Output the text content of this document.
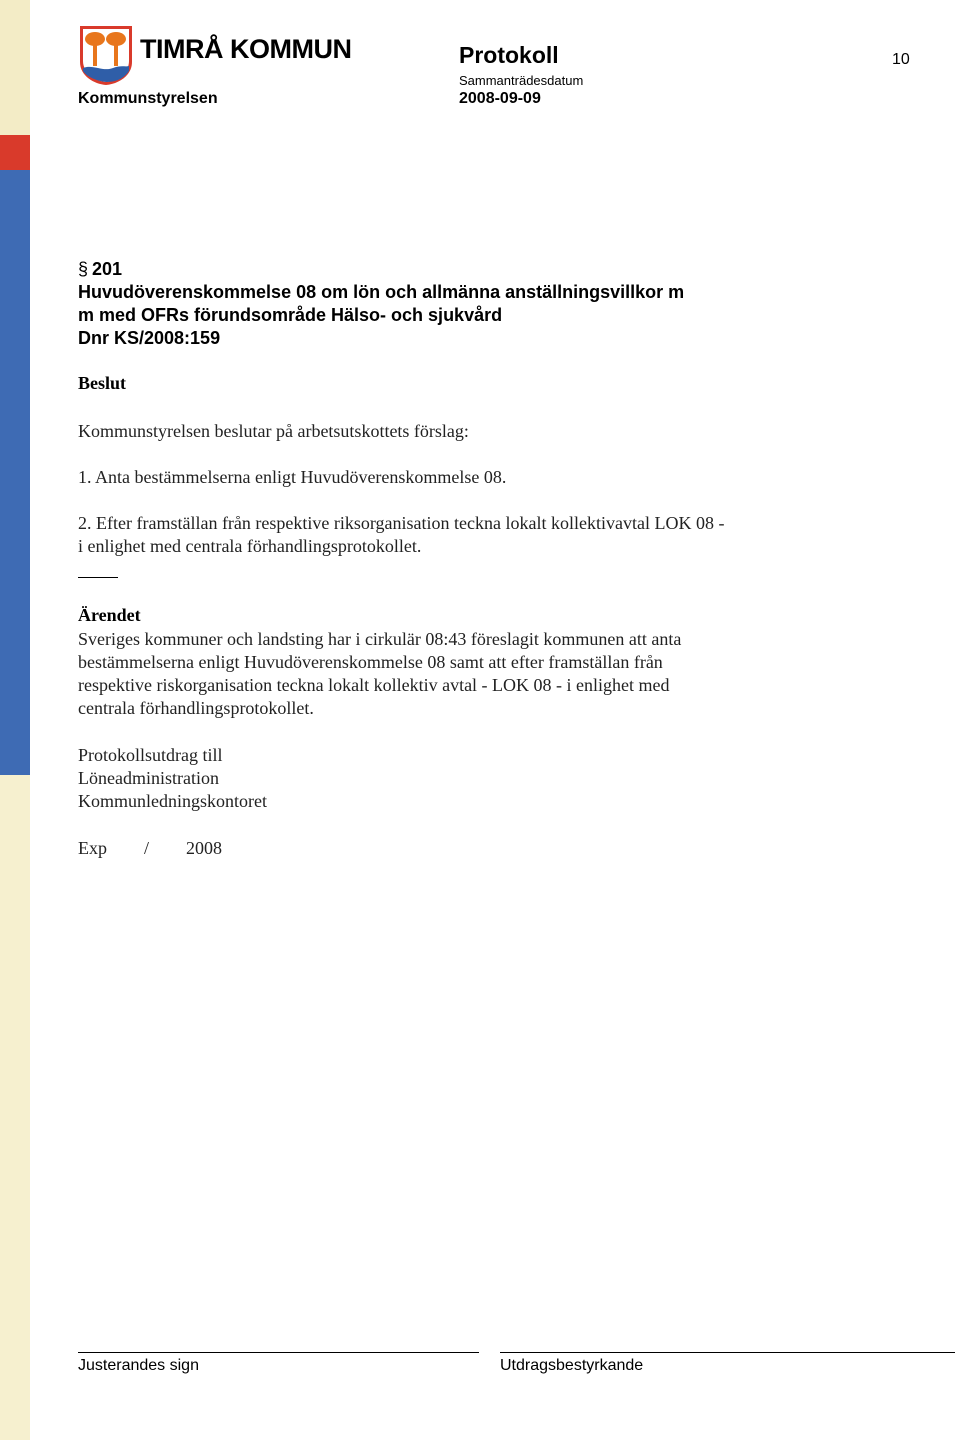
TIMRÅ KOMMUN
Kommunstyrelsen
Protokoll
Sammanträdesdatum
2008-09-09
10
§ 201
Huvudöverenskommelse 08 om lön och allmänna anställningsvillkor m
m med OFRs förundsområde Hälso- och sjukvård
Dnr KS/2008:159
Beslut
Kommunstyrelsen beslutar på arbetsutskottets förslag:
1. Anta bestämmelserna enligt Huvudöverenskommelse 08.
2. Efter framställan från respektive riksorganisation teckna lokalt kollektivavtal LOK 08 -
i enlighet med centrala förhandlingsprotokollet.
Ärendet
Sveriges kommuner och landsting har i cirkulär 08:43 föreslagit kommunen att anta
bestämmelserna enligt Huvudöverenskommelse 08 samt att efter framställan från
respektive riskorganisation teckna lokalt kollektiv avtal - LOK 08 - i enlighet med
centrala förhandlingsprotokollet.
Protokollsutdrag till
Löneadministration
Kommunledningskontoret
Exp / 2008
Justerandes sign	Utdragsbestyrkande
